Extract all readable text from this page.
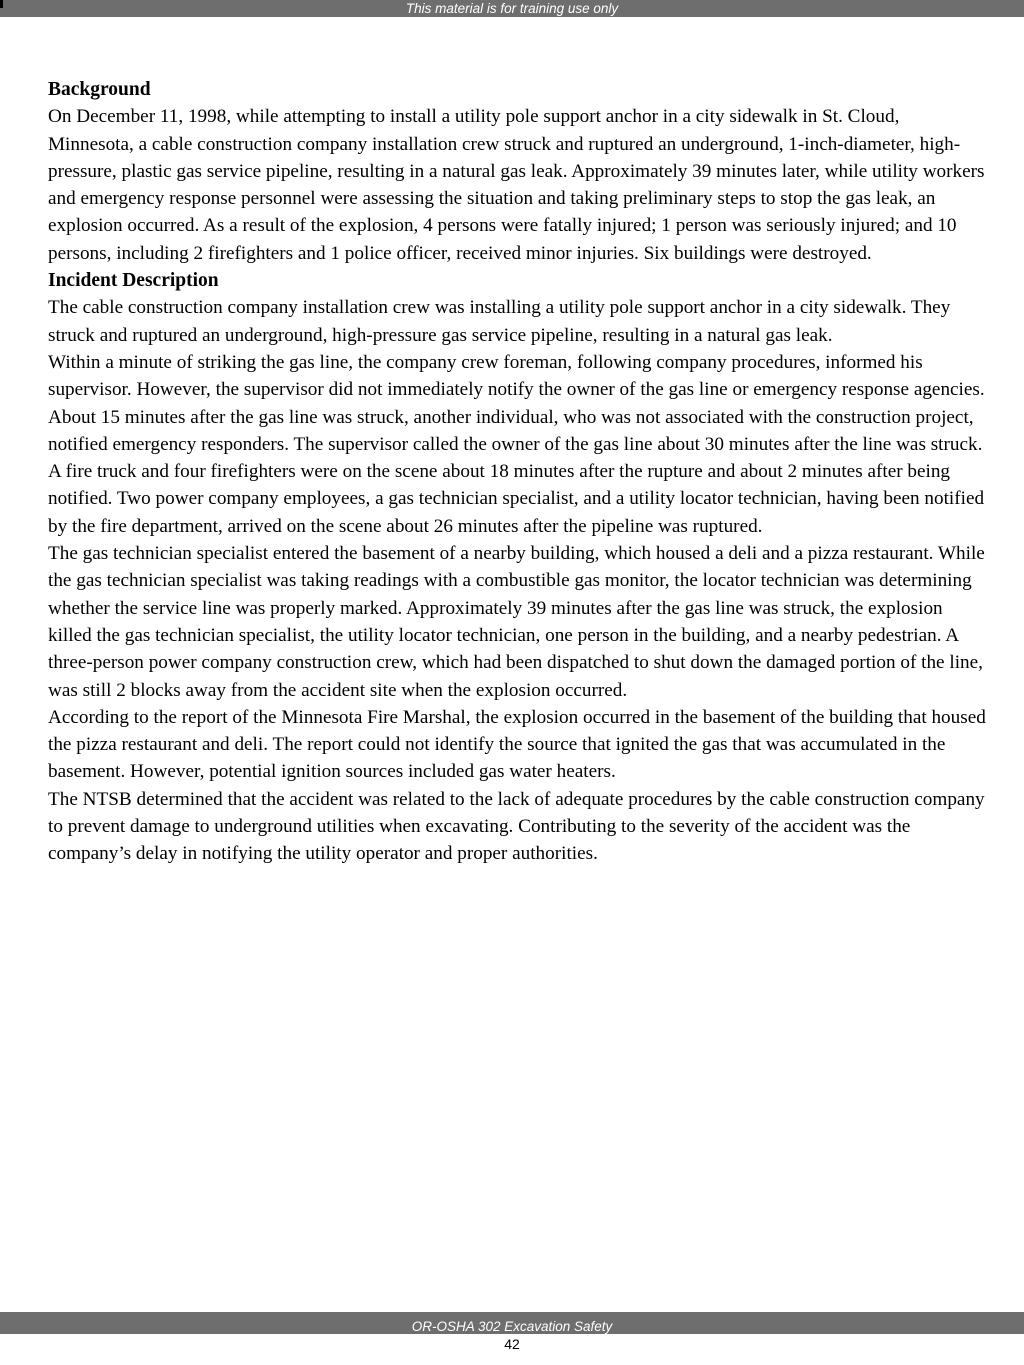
This material is for training use only
Background

On December 11, 1998, while attempting to install a utility pole support anchor in a city sidewalk in St. Cloud, Minnesota, a cable construction company installation crew struck and ruptured an underground, 1-inch-diameter, high-pressure, plastic gas service pipeline, resulting in a natural gas leak. Approximately 39 minutes later, while utility workers and emergency response personnel were assessing the situation and taking preliminary steps to stop the gas leak, an explosion occurred. As a result of the explosion, 4 persons were fatally injured; 1 person was seriously injured; and 10 persons, including 2 firefighters and 1 police officer, received minor injuries. Six buildings were destroyed.

Incident Description

The cable construction company installation crew was installing a utility pole support anchor in a city sidewalk. They struck and ruptured an underground, high-pressure gas service pipeline, resulting in a natural gas leak.

Within a minute of striking the gas line, the company crew foreman, following company procedures, informed his supervisor. However, the supervisor did not immediately notify the owner of the gas line or emergency response agencies. About 15 minutes after the gas line was struck, another individual, who was not associated with the construction project, notified emergency responders. The supervisor called the owner of the gas line about 30 minutes after the line was struck.

A fire truck and four firefighters were on the scene about 18 minutes after the rupture and about 2 minutes after being notified. Two power company employees, a gas technician specialist, and a utility locator technician, having been notified by the fire department, arrived on the scene about 26 minutes after the pipeline was ruptured.

The gas technician specialist entered the basement of a nearby building, which housed a deli and a pizza restaurant. While the gas technician specialist was taking readings with a combustible gas monitor, the locator technician was determining whether the service line was properly marked. Approximately 39 minutes after the gas line was struck, the explosion killed the gas technician specialist, the utility locator technician, one person in the building, and a nearby pedestrian. A three-person power company construction crew, which had been dispatched to shut down the damaged portion of the line, was still 2 blocks away from the accident site when the explosion occurred.

According to the report of the Minnesota Fire Marshal, the explosion occurred in the basement of the building that housed the pizza restaurant and deli. The report could not identify the source that ignited the gas that was accumulated in the basement. However, potential ignition sources included gas water heaters.

The NTSB determined that the accident was related to the lack of adequate procedures by the cable construction company to prevent damage to underground utilities when excavating. Contributing to the severity of the accident was the company’s delay in notifying the utility operator and proper authorities.

OR-OSHA 302 Excavation Safety
42
